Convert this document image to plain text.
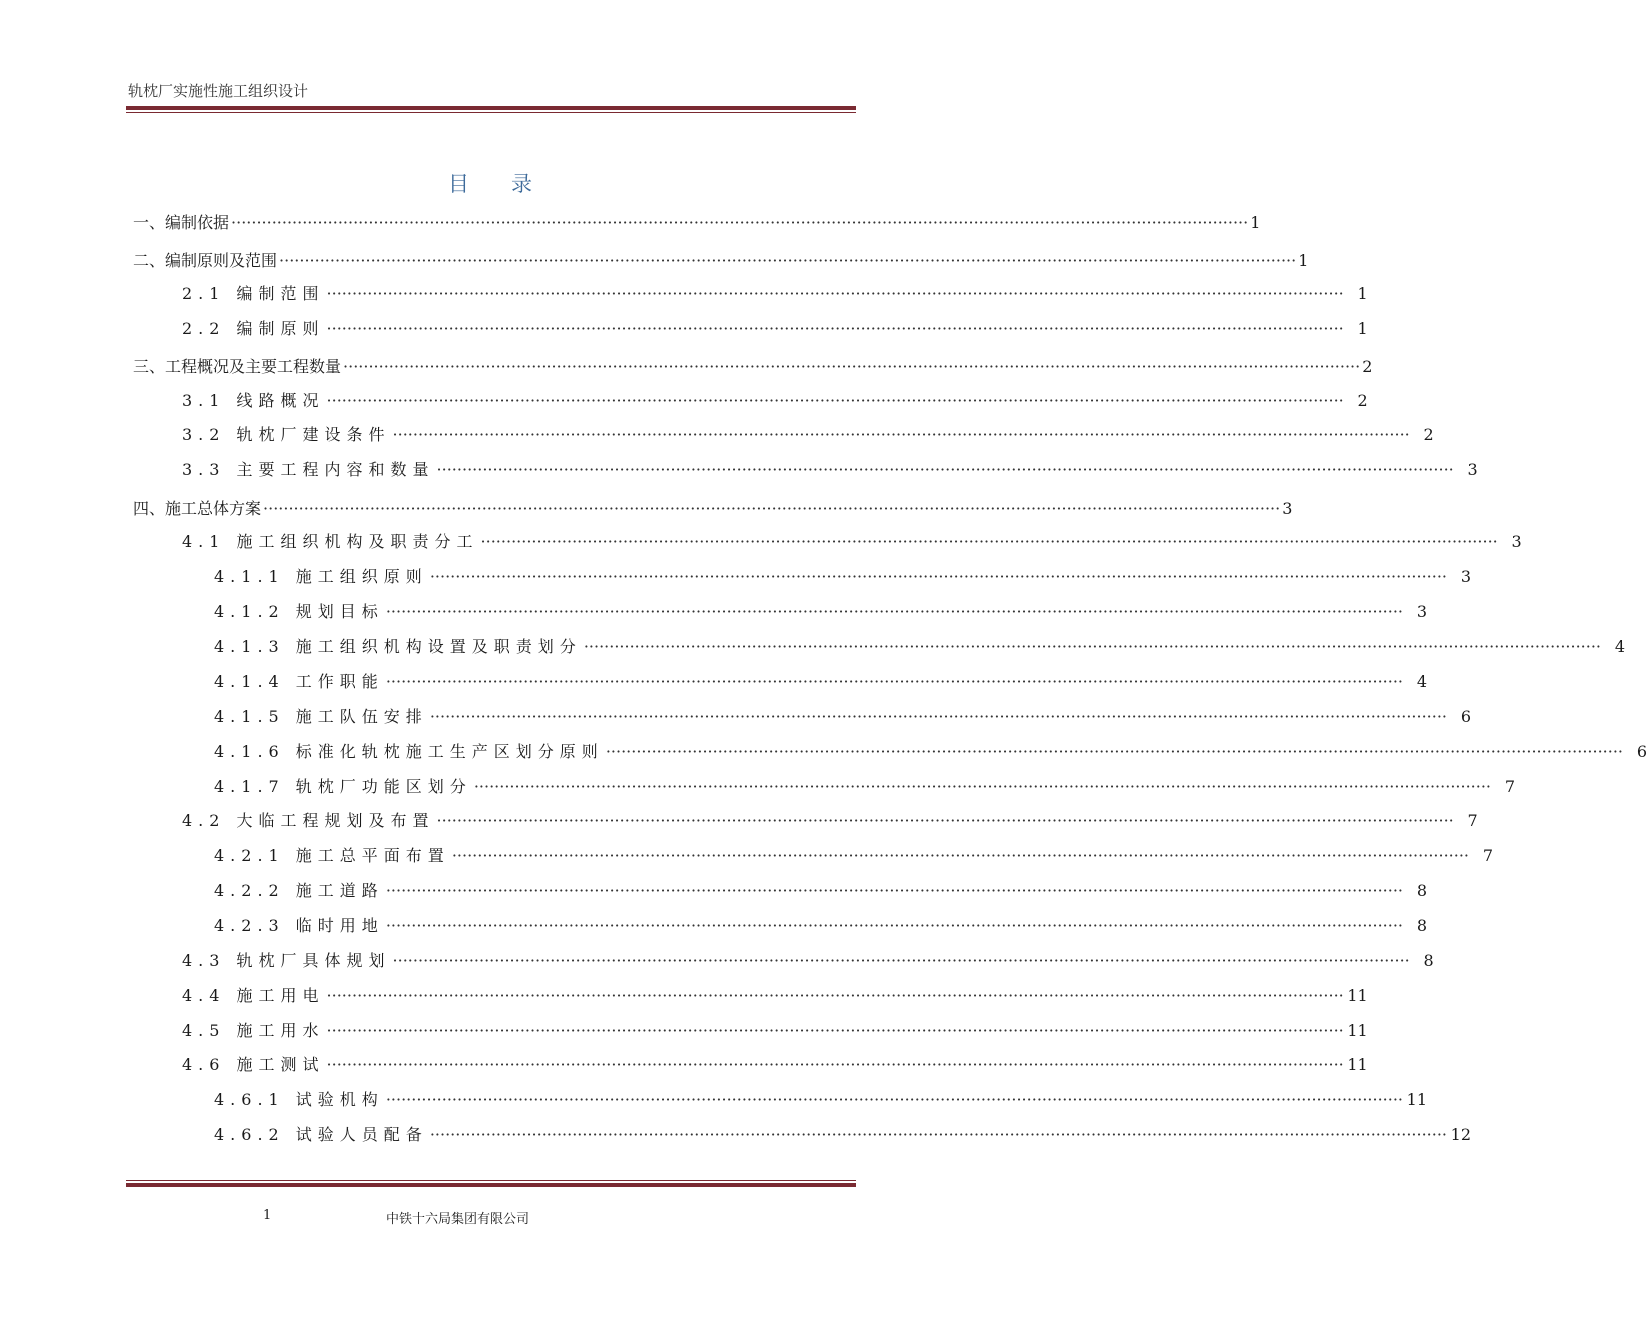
轨枕厂实施性施工组织设计
目录
一、编制依据 ········································································································································································································ 1
二、编制原则及范围 ········································································································································································································ 1
2.1 编制范围 ········································································································································································································ 1
2.2 编制原则 ········································································································································································································ 1
三、工程概况及主要工程数量 ········································································································································································································ 2
3.1 线路概况 ········································································································································································································ 2
3.2 轨枕厂建设条件 ········································································································································································································ 2
3.3 主要工程内容和数量 ········································································································································································································ 3
四、施工总体方案 ········································································································································································································ 3
4.1 施工组织机构及职责分工 ········································································································································································································ 3
4.1.1 施工组织原则 ········································································································································································································ 3
4.1.2 规划目标 ········································································································································································································ 3
4.1.3 施工组织机构设置及职责划分 ········································································································································································································ 4
4.1.4 工作职能 ········································································································································································································ 4
4.1.5 施工队伍安排 ········································································································································································································ 6
4.1.6 标准化轨枕施工生产区划分原则 ········································································································································································································ 6
4.1.7 轨枕厂功能区划分 ········································································································································································································ 7
4.2 大临工程规划及布置 ········································································································································································································ 7
4.2.1 施工总平面布置 ········································································································································································································ 7
4.2.2 施工道路 ········································································································································································································ 8
4.2.3 临时用地 ········································································································································································································ 8
4.3 轨枕厂具体规划 ········································································································································································································ 8
4.4 施工用电 ········································································································································································································ 11
4.5 施工用水 ········································································································································································································ 11
4.6 施工测试 ········································································································································································································ 11
4.6.1 试验机构 ········································································································································································································ 11
4.6.2 试验人员配备 ········································································································································································································ 12
1	中铁十六局集团有限公司
